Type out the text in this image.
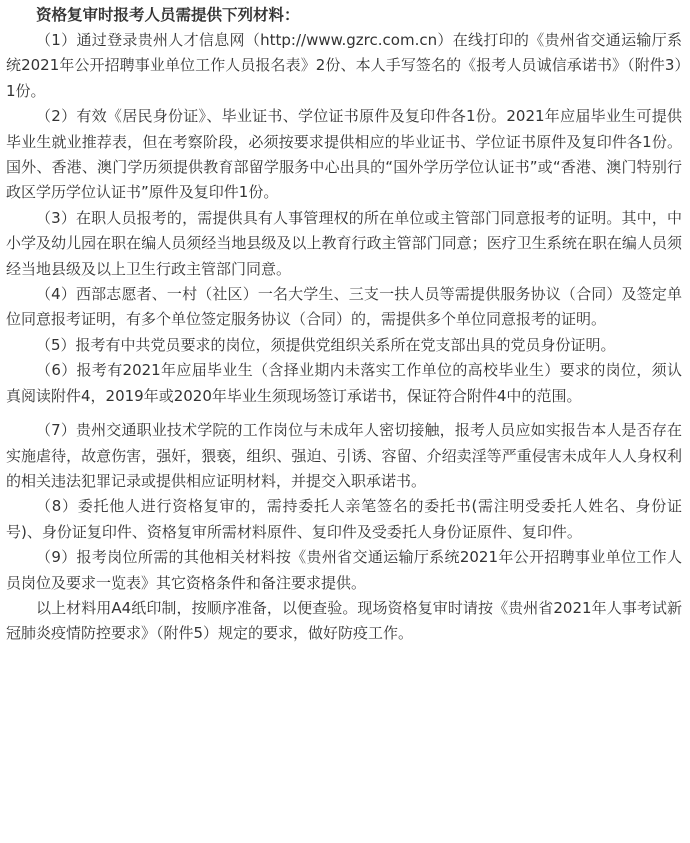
资格复审时报考人员需提供下列材料：

（1）通过登录贵州人才信息网（http://www.gzrc.com.cn）在线打印的《贵州省交通运输厅系统2021年公开招聘事业单位工作人员报名表》2份、本人手写签名的《报考人员诚信承诺书》（附件3）1份。

（2）有效《居民身份证》、毕业证书、学位证书原件及复印件各1份。2021年应届毕业生可提供毕业生就业推荐表，但在考察阶段，必须按要求提供相应的毕业证书、学位证书原件及复印件各1份。国外、香港、澳门学历须提供教育部留学服务中心出具的“国外学历学位认证书”或“香港、澳门特别行政区学历学位认证书”原件及复印件1份。

（3）在职人员报考的，需提供具有人事管理权的所在单位或主管部门同意报考的证明。其中，中小学及幼儿园在职在编人员须经当地县级及以上教育行政主管部门同意；医疗卫生系统在职在编人员须经当地县级及以上卫生行政主管部门同意。

（4）西部志愿者、一村（社区）一名大学生、三支一扶人员等需提供服务协议（合同）及签定单位同意报考证明，有多个单位签定服务协议（合同）的，需提供多个单位同意报考的证明。

（5）报考有中共党员要求的岗位，须提供党组织关系所在党支部出具的党员身份证明。

（6）报考有2021年应届毕业生（含择业期内未落实工作单位的高校毕业生）要求的岗位，须认真阅读附件4，2019年或2020年毕业生须现场签订承诺书，保证符合附件4中的范围。

（7）贵州交通职业技术学院的工作岗位与未成年人密切接触，报考人员应如实报告本人是否存在实施虐待，故意伤害，强奸，猥亵，组织、强迫、引诱、容留、介绍卖淫等严重侵害未成年人人身权利的相关违法犯罪记录或提供相应证明材料，并提交入职承诺书。

（8）委托他人进行资格复审的，需持委托人亲笔签名的委托书(需注明受委托人姓名、身份证号)、身份证复印件、资格复审所需材料原件、复印件及受委托人身份证原件、复印件。

（9）报考岗位所需的其他相关材料按《贵州省交通运输厅系统2021年公开招聘事业单位工作人员岗位及要求一览表》其它资格条件和备注要求提供。

以上材料用A4纸印制，按顺序准备，以便查验。现场资格复审时请按《贵州省2021年人事考试新冠肺炎疫情防控要求》（附件5）规定的要求，做好防疫工作。
